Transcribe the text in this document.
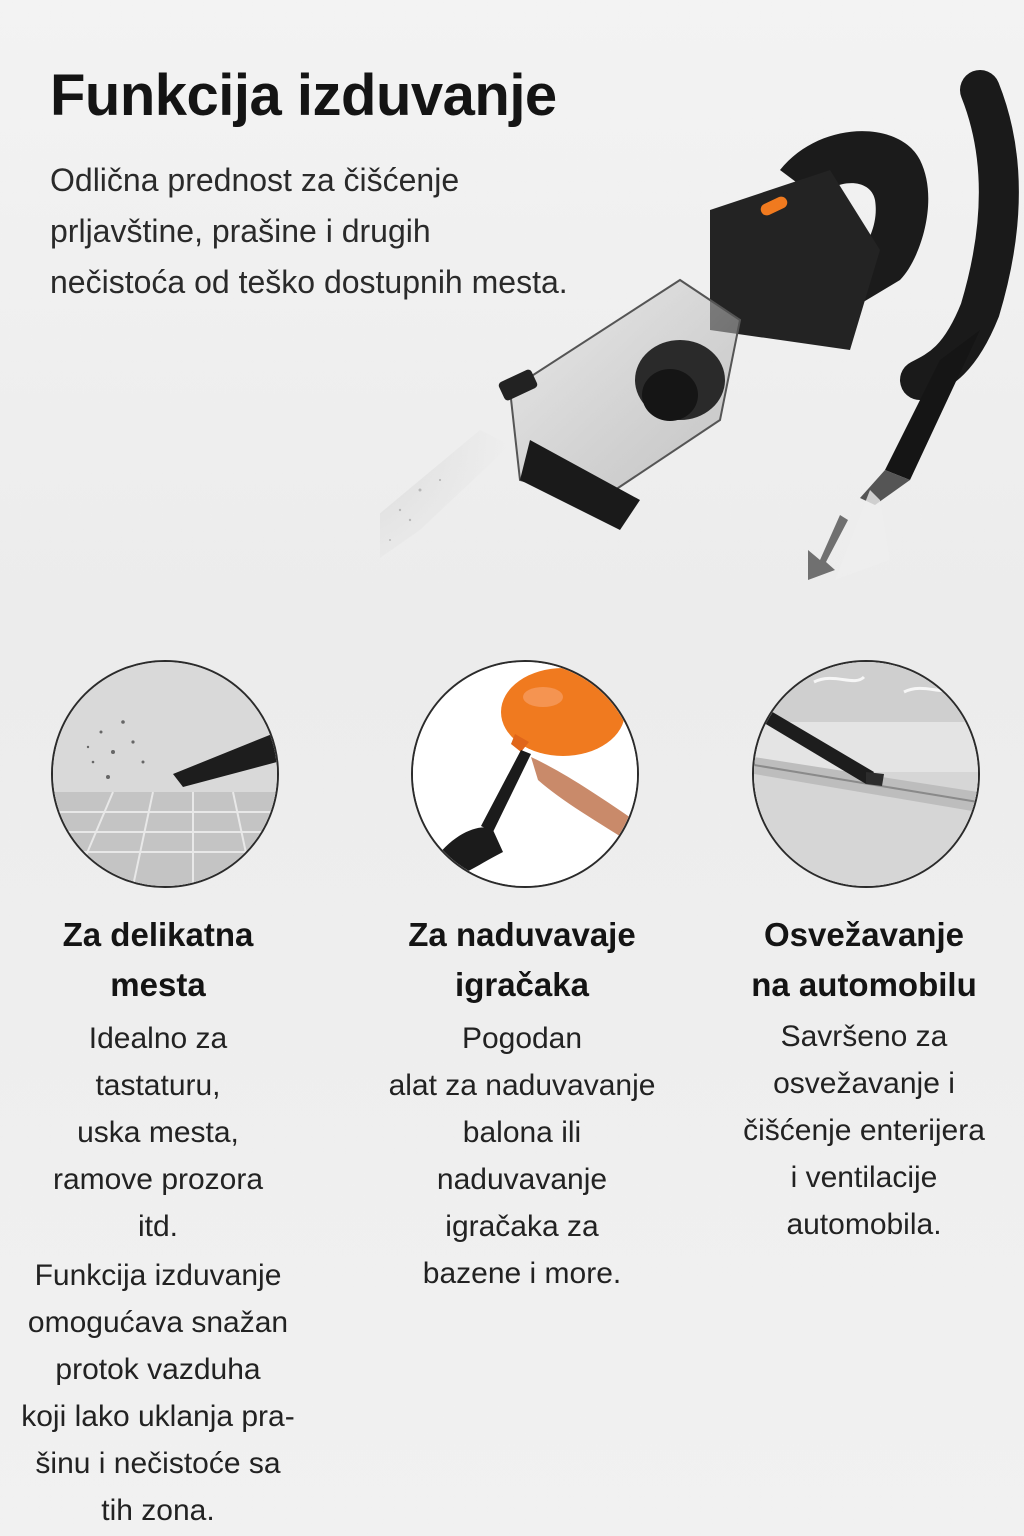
Funkcija izduvanje

Odlična prednost za čišćenje
prljavštine, prašine i drugih
nečistoća od teško dostupnih mesta.

Za delikatna
mesta

Idealno za
tastaturu,
uska mesta,
ramove prozora
itd.

Funkcija izduvanje
omogućava snažan
protok vazduha
koji lako uklanja pra-
šinu i nečistoće sa
tih zona.

Za naduvavaje
igračaka

Pogodan
alat za naduvavanje
balona ili
naduvavanje
igračaka za
bazene i more.

Osvežavanje
na automobilu

Savršeno za
osvežavanje i
čišćenje enterijera
i ventilacije
automobila.
